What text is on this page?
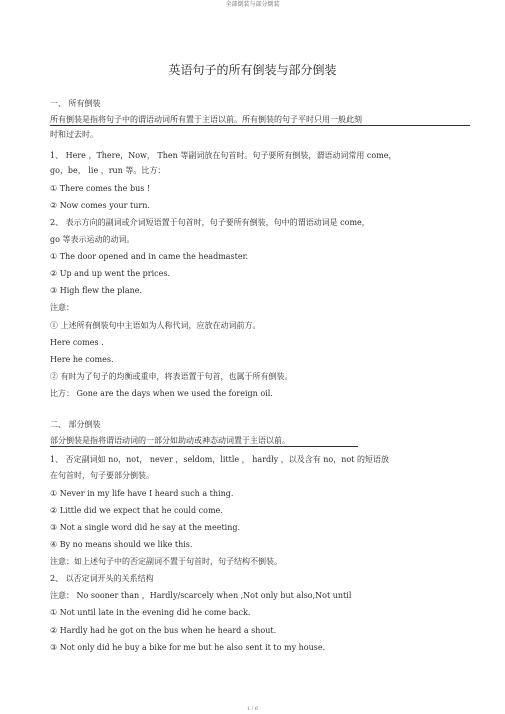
全部倒装与部分倒装
英语句子的所有倒装与部分倒装
一、 所有倒装
所有倒装是指将句子中的谓语动词所有置于主语以前。所有倒装的句子平时只用一般此刻
时和过去时。
1、 Here ，There，Now， Then 等副词放在句首时。句子要所有倒装，谓语动词常用 come，
go，be， lie ，run 等。比方：
① There comes the bus !
② Now comes your turn.
2、 表示方向的副词或介词短语置于句首时，句子要所有倒装，句中的谓语动词是 come，
go 等表示运动的动词。
① The door opened and in came the headmaster.
② Up and up went the prices.
③ High flew the plane.
注意：
① 上述所有倒装句中主语如为人称代词，应放在动词前方。
Here comes .
Here he comes.
② 有时为了句子的均衡或重申，将表语置于句首，也属于所有倒装。
比方： Gone are the days when we used the foreign oil.
二、 部分倒装
部分倒装是指将谓语动词的一部分如助动或神态动词置于主语以前。
1、 否定副词如 no，not， never ，seldom，little ， hardly ，以及含有 no，not 的短语放
在句首时，句子要部分倒装。
① Never in my life have I heard such a thing.
② Little did we expect that he could come.
③ Not a single word did he say at the meeting.
④ By no means should we like this.
注意：如上述句子中的否定副词不置于句首时，句子结构不倒装。
2、 以否定词开头的关系结构
注意： No sooner than ，Hardly/scarcely when ,Not only but also,Not until
① Not until late in the evening did he come back.
② Hardly had he got on the bus when he heard a shout.
③ Not only did he buy a bike for me but he also sent it to my house.
1 / 6
